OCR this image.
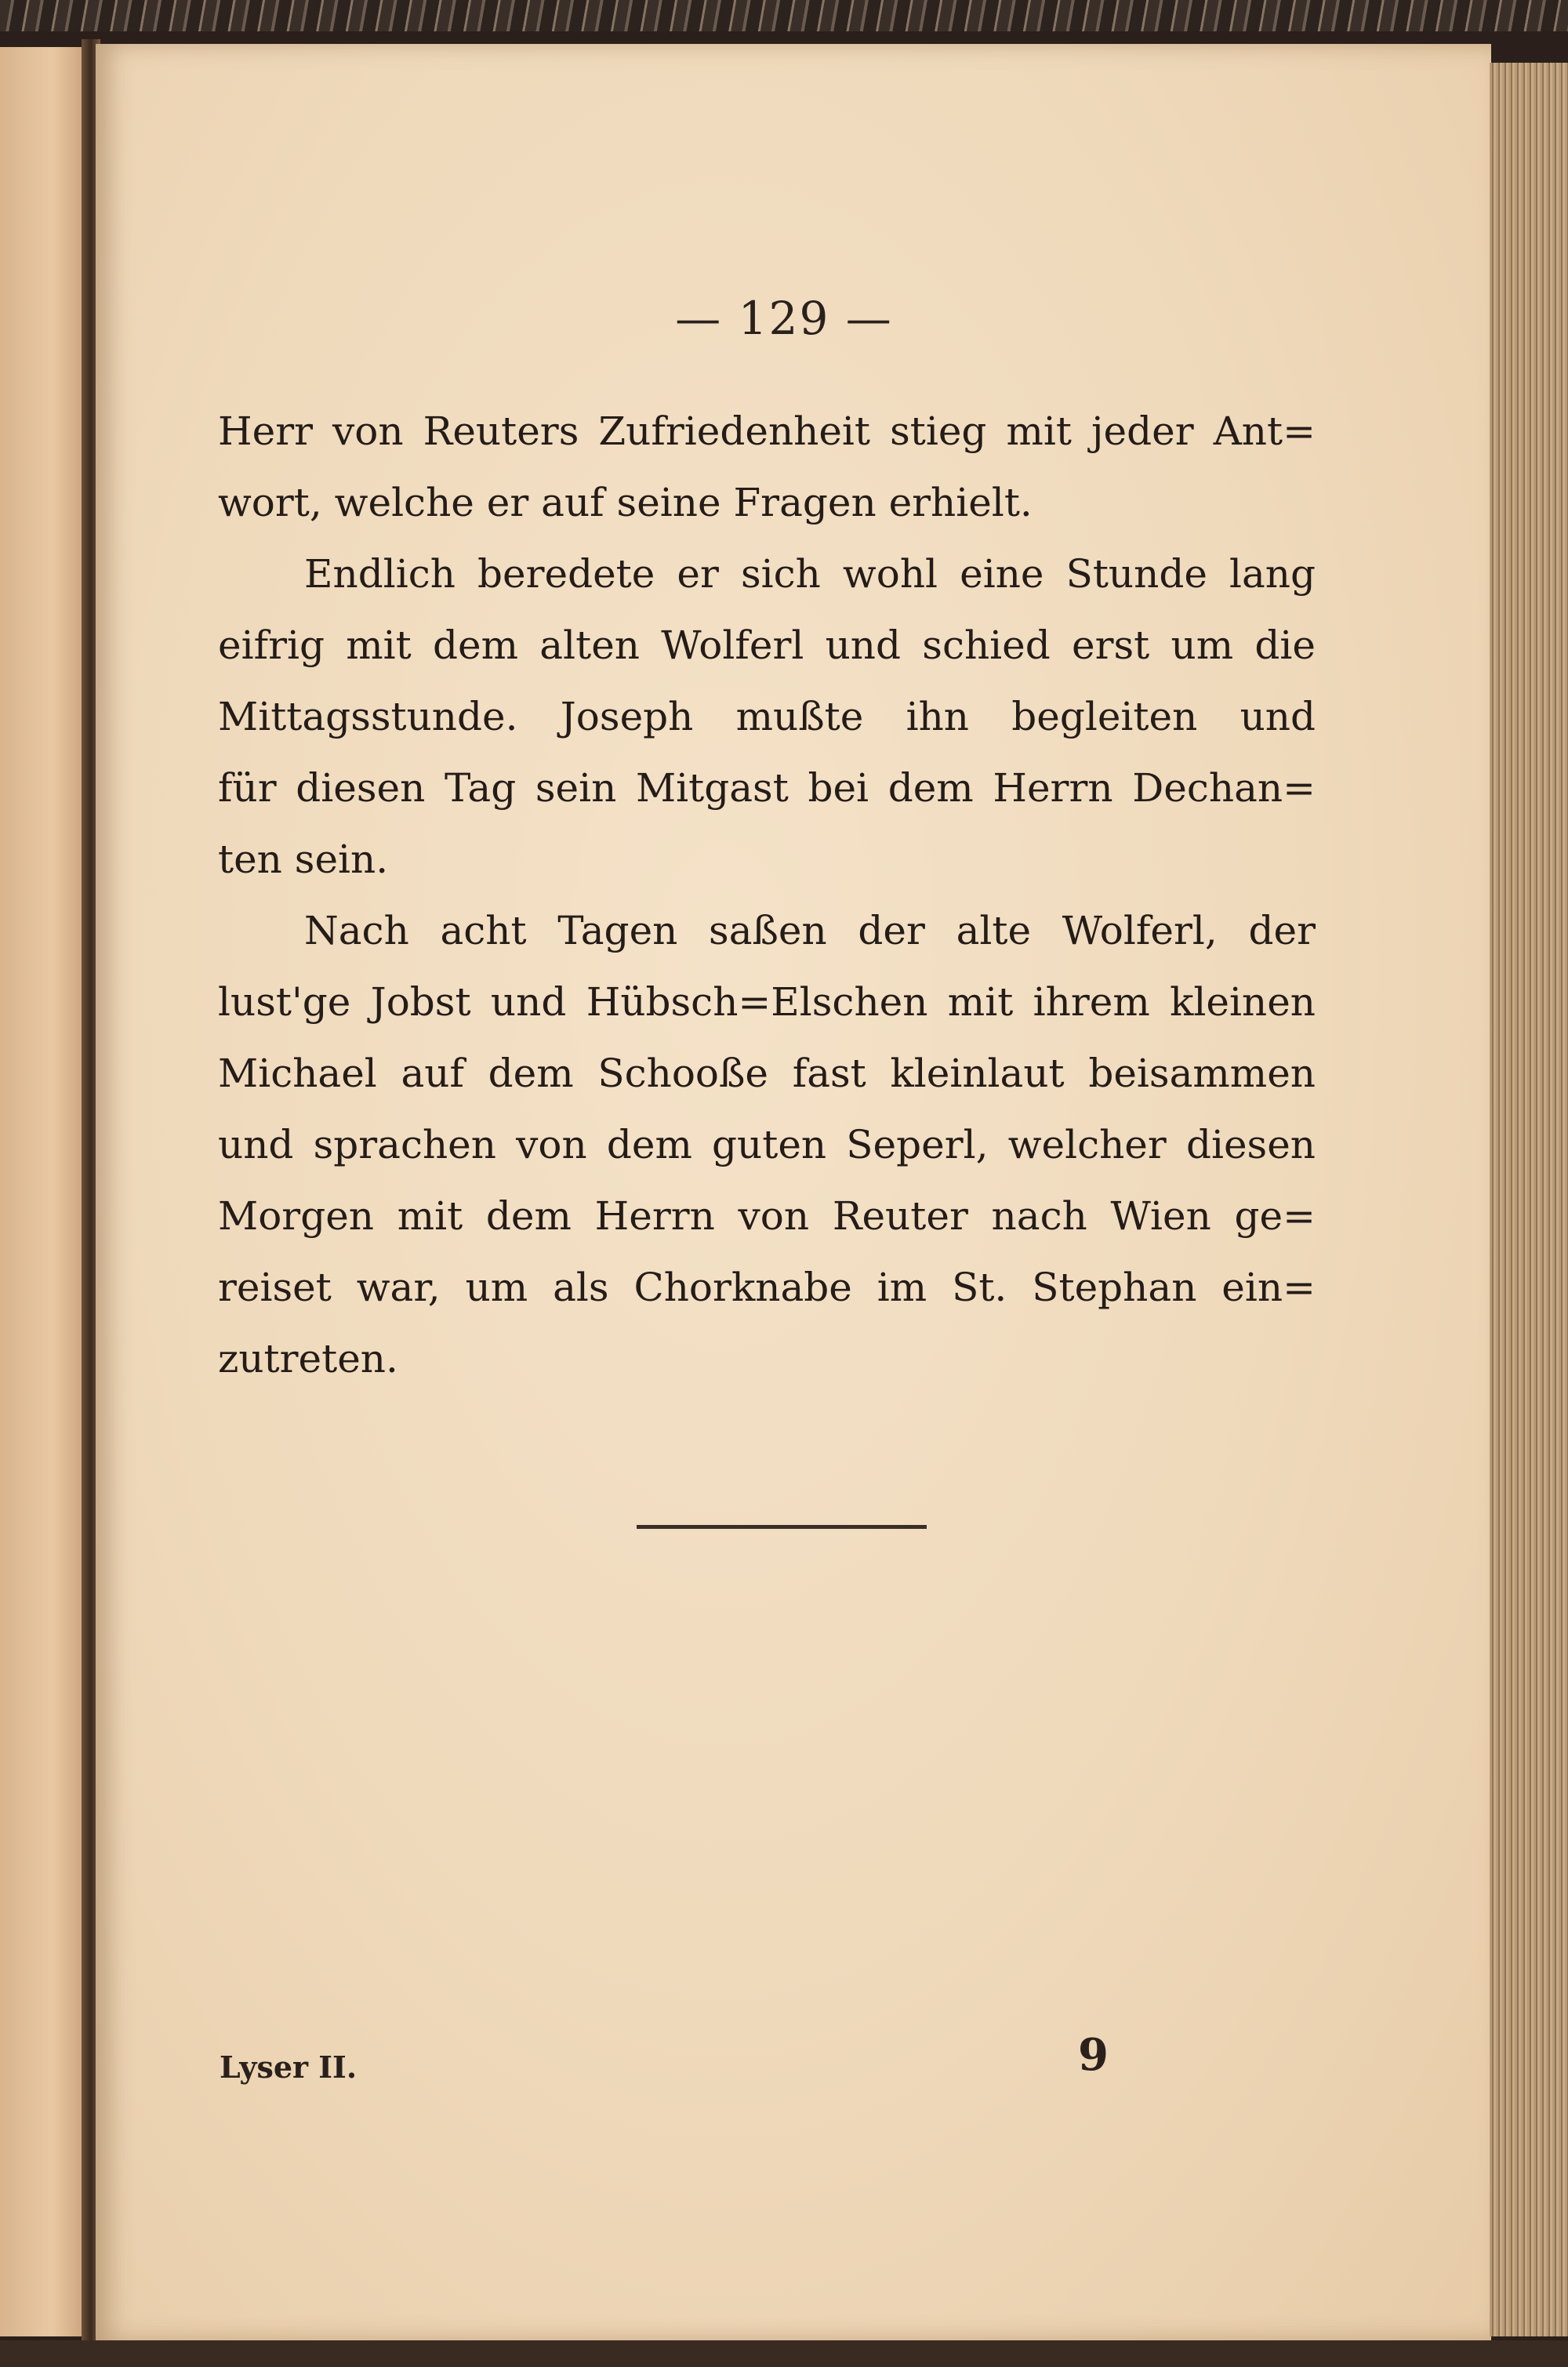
— 129 —
Herr von Reuters Zufriedenheit stieg mit jeder Ant=
wort, welche er auf seine Fragen erhielt.
Endlich beredete er sich wohl eine Stunde lang
eifrig mit dem alten Wolferl und schied erst um die
Mittagsstunde. Joseph mußte ihn begleiten und
für diesen Tag sein Mitgast bei dem Herrn Dechan=
ten sein.
Nach acht Tagen saßen der alte Wolferl, der
lust'ge Jobst und Hübsch=Elschen mit ihrem kleinen
Michael auf dem Schooße fast kleinlaut beisammen
und sprachen von dem guten Seperl, welcher diesen
Morgen mit dem Herrn von Reuter nach Wien ge=
reiset war, um als Chorknabe im St. Stephan ein=
zutreten.
Lyser II.	9
